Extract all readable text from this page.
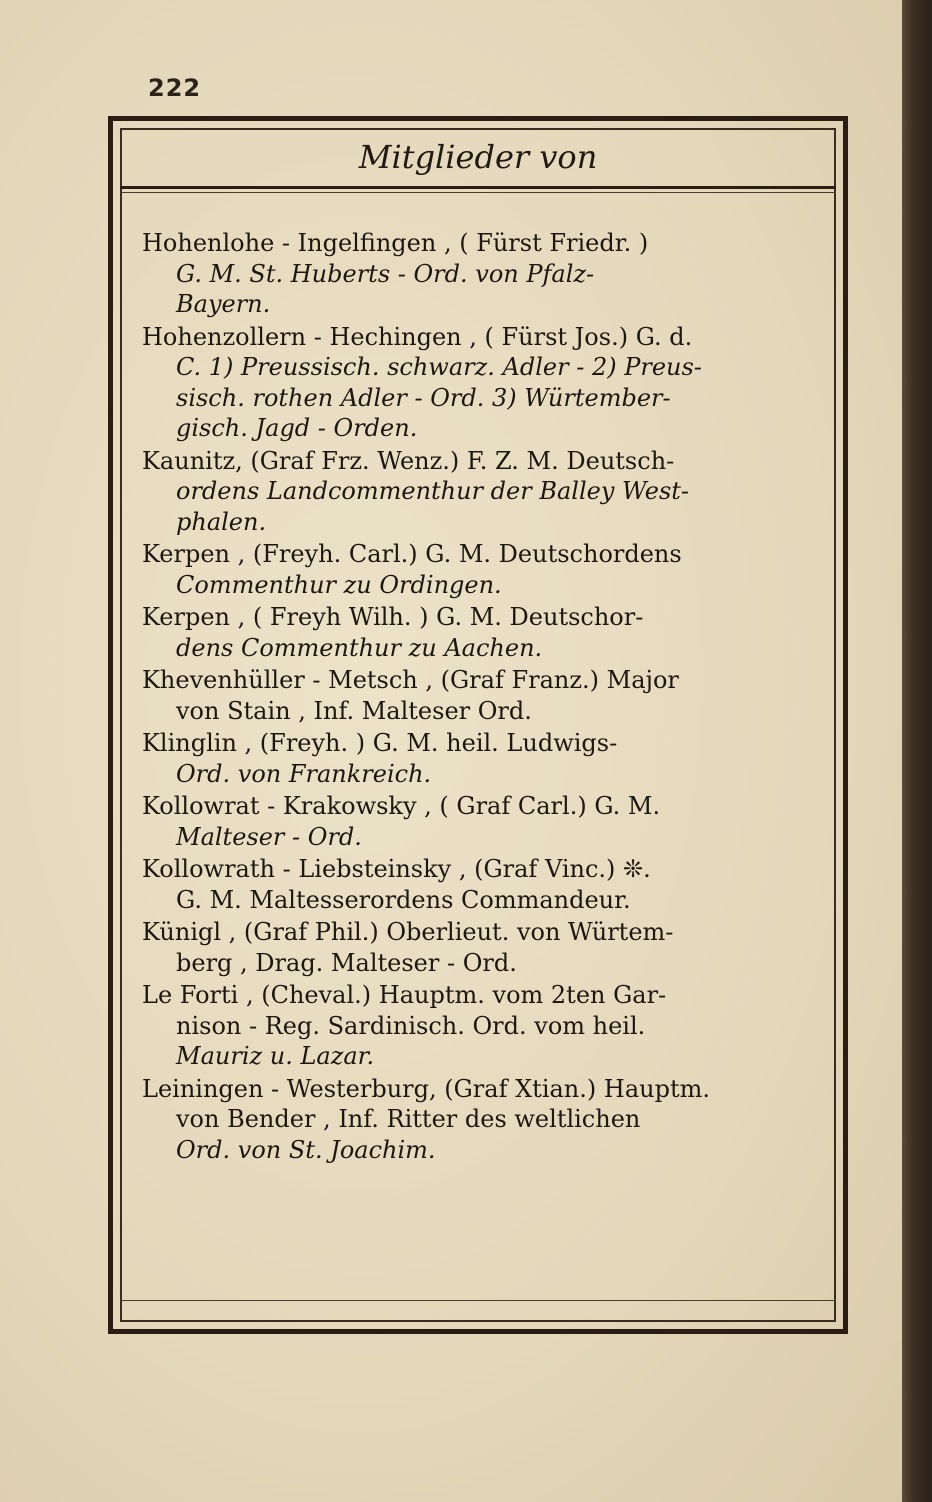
222
Mitglieder von
Hohenlohe - Ingelfingen , ( Fürst Friedr. )
G. M. St. Huberts - Ord. von Pfalz-
Bayern.
Hohenzollern - Hechingen , ( Fürst Jos.) G. d.
C. 1) Preussisch. schwarz. Adler - 2) Preus-
sisch. rothen Adler - Ord. 3) Würtember-
gisch. Jagd - Orden.
Kaunitz, (Graf Frz. Wenz.) F. Z. M. Deutsch-
ordens Landcommenthur der Balley West-
phalen.
Kerpen , (Freyh. Carl.) G. M. Deutschordens
Commenthur zu Ordingen.
Kerpen , ( Freyh Wilh. ) G. M. Deutschor-
dens Commenthur zu Aachen.
Khevenhüller - Metsch , (Graf Franz.) Major
von Stain , Inf. Malteser Ord.
Klinglin , (Freyh. ) G. M. heil. Ludwigs-
Ord. von Frankreich.
Kollowrat - Krakowsky , ( Graf Carl.) G. M.
Malteser - Ord.
Kollowrath - Liebsteinsky , (Graf Vinc.) ❊.
G. M. Maltesserordens Commandeur.
Künigl , (Graf Phil.) Oberlieut. von Würtem-
berg , Drag. Malteser - Ord.
Le Forti , (Cheval.) Hauptm. vom 2ten Gar-
nison - Reg. Sardinisch. Ord. vom heil.
Mauriz u. Lazar.
Leiningen - Westerburg, (Graf Xtian.) Hauptm.
von Bender , Inf. Ritter des weltlichen
Ord. von St. Joachim.
